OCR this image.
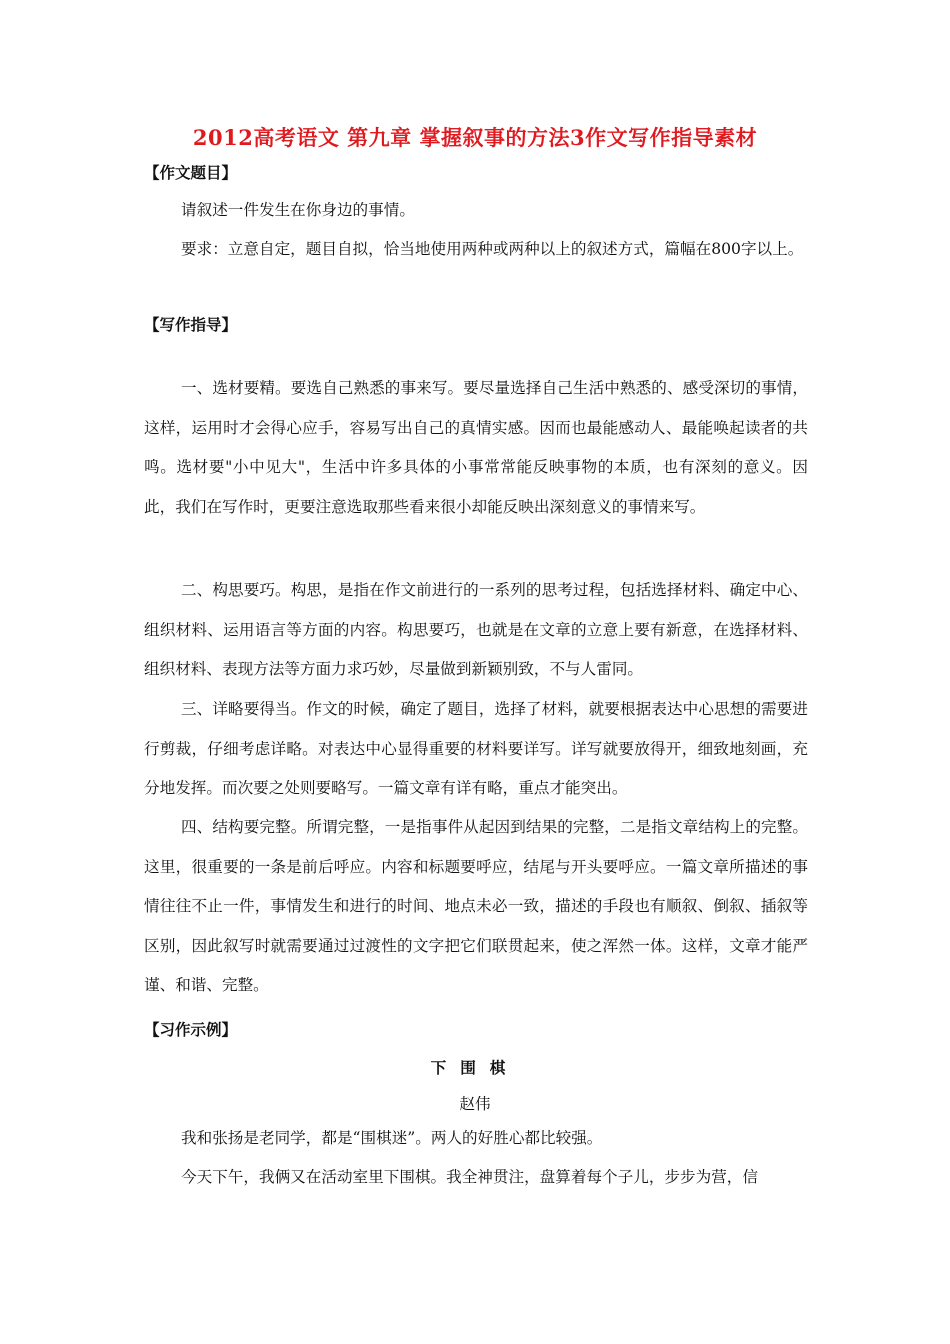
2012高考语文 第九章 掌握叙事的方法3作文写作指导素材
【作文题目】
请叙述一件发生在你身边的事情。
要求：立意自定，题目自拟，恰当地使用两种或两种以上的叙述方式，篇幅在800字以上。
【写作指导】
一、选材要精。要选自己熟悉的事来写。要尽量选择自己生活中熟悉的、感受深切的事情，这样，运用时才会得心应手，容易写出自己的真情实感。因而也最能感动人、最能唤起读者的共鸣。选材要"小中见大"，生活中许多具体的小事常常能反映事物的本质，也有深刻的意义。因此，我们在写作时，更要注意选取那些看来很小却能反映出深刻意义的事情来写。
二、构思要巧。构思，是指在作文前进行的一系列的思考过程，包括选择材料、确定中心、组织材料、运用语言等方面的内容。构思要巧，也就是在文章的立意上要有新意，在选择材料、组织材料、表现方法等方面力求巧妙，尽量做到新颖别致，不与人雷同。
三、详略要得当。作文的时候，确定了题目，选择了材料，就要根据表达中心思想的需要进行剪裁，仔细考虑详略。对表达中心显得重要的材料要详写。详写就要放得开，细致地刻画，充分地发挥。而次要之处则要略写。一篇文章有详有略，重点才能突出。
四、结构要完整。所谓完整，一是指事件从起因到结果的完整，二是指文章结构上的完整。这里，很重要的一条是前后呼应。内容和标题要呼应，结尾与开头要呼应。一篇文章所描述的事情往往不止一件，事情发生和进行的时间、地点未必一致，描述的手段也有顺叙、倒叙、插叙等区别，因此叙写时就需要通过过渡性的文字把它们联贯起来，使之浑然一体。这样，文章才能严谨、和谐、完整。
【习作示例】
下围棋
赵伟
我和张扬是老同学，都是“围棋迷”。两人的好胜心都比较强。
今天下午，我俩又在活动室里下围棋。我全神贯注，盘算着每个子儿，步步为营，信
